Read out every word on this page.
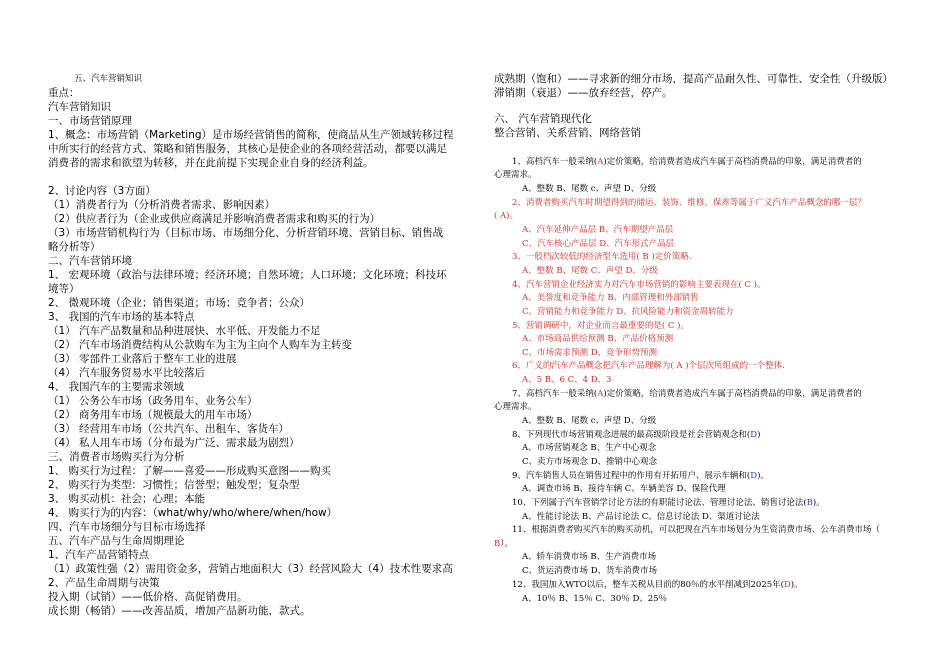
五、汽车营销知识
重点：
汽车营销知识
一、市场营销原理
1、概念：市场营销（Marketing）是市场经营销售的简称，使商品从生产领域转移过程
中所实行的经营方式、策略和销售服务，其核心是使企业的各项经营活动，都要以满足
消费者的需求和欲望为转移，并在此前提下实现企业自身的经济利益。
2、讨论内容（3方面）
（1）消费者行为（分析消费者需求、影响因素）
（2）供应者行为（企业或供应商满足并影响消费者需求和购买的行为）
（3）市场营销机构行为（目标市场、市场细分化、分析营销环境、营销目标、销售战
略分析等）
二、汽车营销环境
1、 宏观环境（政治与法律环境；经济环境；自然环境；人口环境；文化环境；科技环
境等）
2、 微观环境（企业；销售渠道；市场；竞争者；公众）
3、 我国的汽车市场的基本特点
（1） 汽车产品数量和品种进展快、水平低、开发能力不足
（2） 汽车市场消费结构从公款购车为主为主向个人购车为主转变
（3） 零部件工业落后于整车工业的进展
（4） 汽车服务贸易水平比较落后
4、 我国汽车的主要需求领域
（1） 公务公车市场（政务用车、业务公车）
（2） 商务用车市场（规模最大的用车市场）
（3） 经营用车市场（公共汽车、出租车、客货车）
（4） 私人用车市场（分布最为广泛、需求最为剧烈）
三、消费者市场购买行为分析
1、 购买行为过程：了解——喜爱——形成购买意图——购买
2、 购买行为类型：习惯性；信誉型；触发型；复杂型
3、 购买动机：社会；心理；本能
4、 购买行为的内容：（what/why/who/where/when/how）
四、汽车市场细分与目标市场选择
五、汽车产品与生命周期理论
1、汽车产品营销特点
（1）政策性强（2）需用资金多，营销占地面积大（3）经营风险大（4）技术性要求高
2、产品生命周期与决策
投入期（试销）——低价格、高促销费用。
成长期（畅销）——改善品质，增加产品新功能，款式。
成熟期（饱和）——寻求新的细分市场，提高产品耐久性、可靠性、安全性（升级版）
滞销期（衰退）——放弃经营，停产。
六、 汽车营销现代化
整合营销、关系营销、网络营销
1、高档汽车一般采纳(A)定价策略，给消费者造成汽车属于高档消费品的印象，满足消费者的
心理需求。
A、整数 B、尾数 c、声望 D、分级
2、消费者购买汽车时期望得到的储运、装饰、维修、保养等属于广义汽车产品概念的哪一层？
( A)。
A、汽车延伸产品层 B、汽车期望产品层
C、汽车核心产品层 D、汽车形式产品层
3、一般档次较低的经济型车选用( B )定价策略.
A、整数 B、尾数 C、声望 D、分级
4、汽车营销企业经济实力对汽车市场营销的影响主要表现在( C )。
A、美誉度和竞争能力 B、内部管理和外部销售
C、营销能力和竞争能力 D、抗风险能力和资金周转能力
5、营销调研中，对企业而言最重要的是( C )。
A、市场商品供给预测 B、产品价格预测
C、市场需求预测 D、竞争形势预测
6、广义的汽车产品概念把汽车产品理解为( A )个层次所组成的一个整体.
A、5 B、6 C、4 D、3
7、高档汽车一般采纳(A)定价策略，给消费者造成汽车属于高档消费品的印象，满足消费者的
心理需求。
A、整数 B、尾数 c、声望 D、分级
8、下列现代市场营销观念进展的最高级阶段是社会营销观念和(D)
A、市场营销观念 B、生产中心观念
C、卖方市场观念 D、推销中心观念
9、汽车销售人员在销售过程中的作用有开拓用户、展示车辆和(D)。
A、调查市场 B、接待车辆 C、车辆美容 D、保险代理
10、下列属于汽车营销学讨论方法的有职能讨论法、管理讨论法、销售讨论法(B)。
A、性能讨论法 B、产品讨论法 C、信息讨论法 D、渠道讨论法
11、根据消费者购买汽车的购买动机，可以把现在汽车市场划分为生资消费市场、公车消费市场（
B）。
A、轿车消费市场 B、生产消费市场
C、货运消费市场 D、货车消费市场
12、我国加入WTO以后，整车关税从目前的80％的水平削减到2025年(D)。
A、10％ B、15％ C、30％ D、25％
